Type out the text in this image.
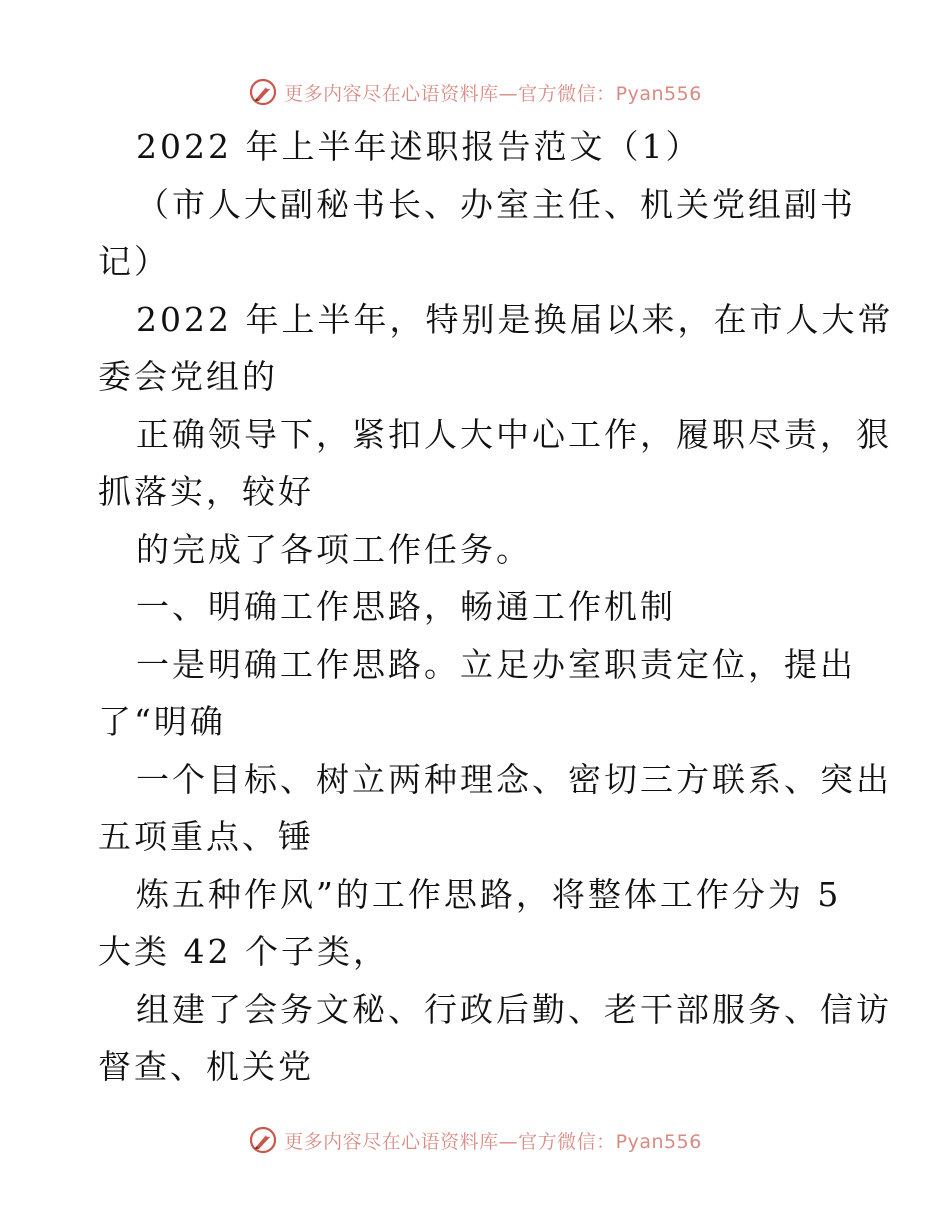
更多内容尽在心语资料库—官方微信：Pyan556
2022 年上半年述职报告范文（1）
（市人大副秘书长、办室主任、机关党组副书
记）
2022 年上半年，特别是换届以来，在市人大常
委会党组的
正确领导下，紧扣人大中心工作，履职尽责，狠
抓落实，较好
的完成了各项工作任务。
一、明确工作思路，畅通工作机制
一是明确工作思路。立足办室职责定位，提出
了“明确
一个目标、树立两种理念、密切三方联系、突出
五项重点、锤
炼五种作风”的工作思路，将整体工作分为 5
大类 42 个子类，
组建了会务文秘、行政后勤、老干部服务、信访
督查、机关党
更多内容尽在心语资料库—官方微信：Pyan556
